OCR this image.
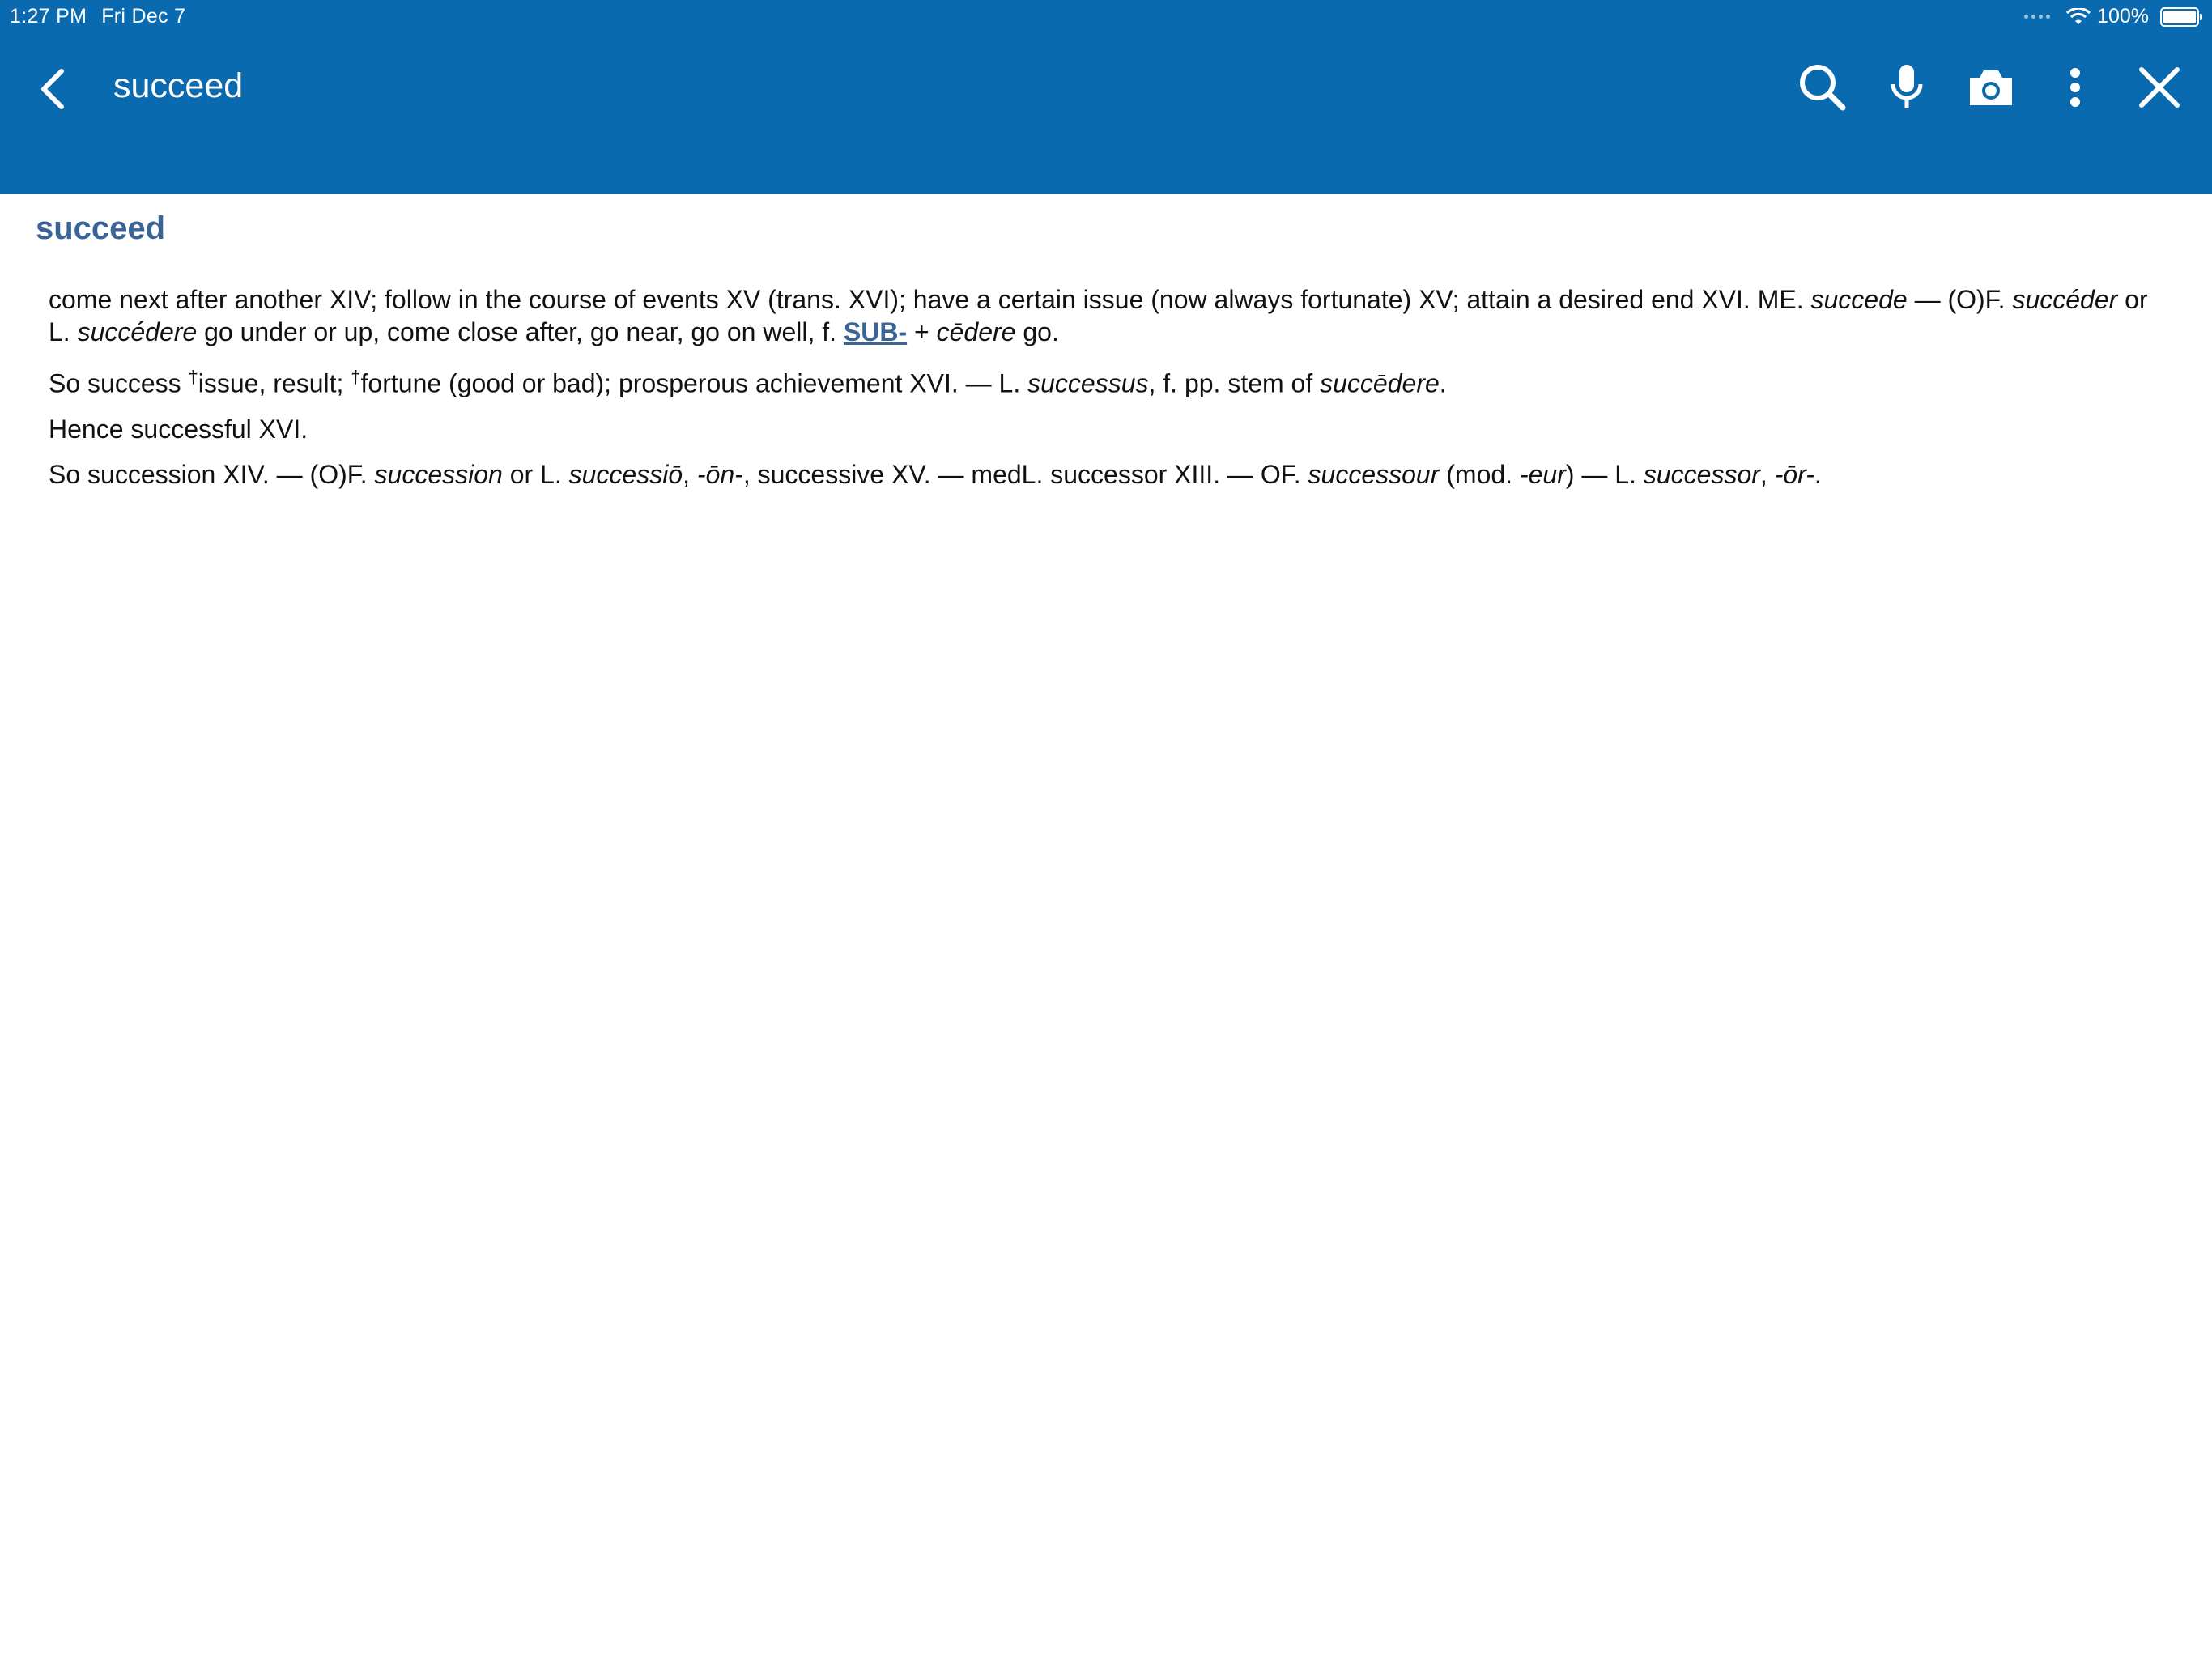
1:27 PM Fri Dec 7	100%
succeed
succeed

come next after another XIV; follow in the course of events XV (trans. XVI); have a certain issue (now always fortunate) XV; attain a desired end XVI. ME. succede — (O)F. succéder or L. succédere go under or up, come close after, go near, go on well, f. SUB- + cēdere go.

So success †issue, result; †fortune (good or bad); prosperous achievement XVI. — L. successus, f. pp. stem of succēdere.

Hence successful XVI.

So succession XIV. — (O)F. succession or L. successiō, -ōn-, successive XV. — medL. successor XIII. — OF. successour (mod. -eur) — L. successor, -ōr-.
